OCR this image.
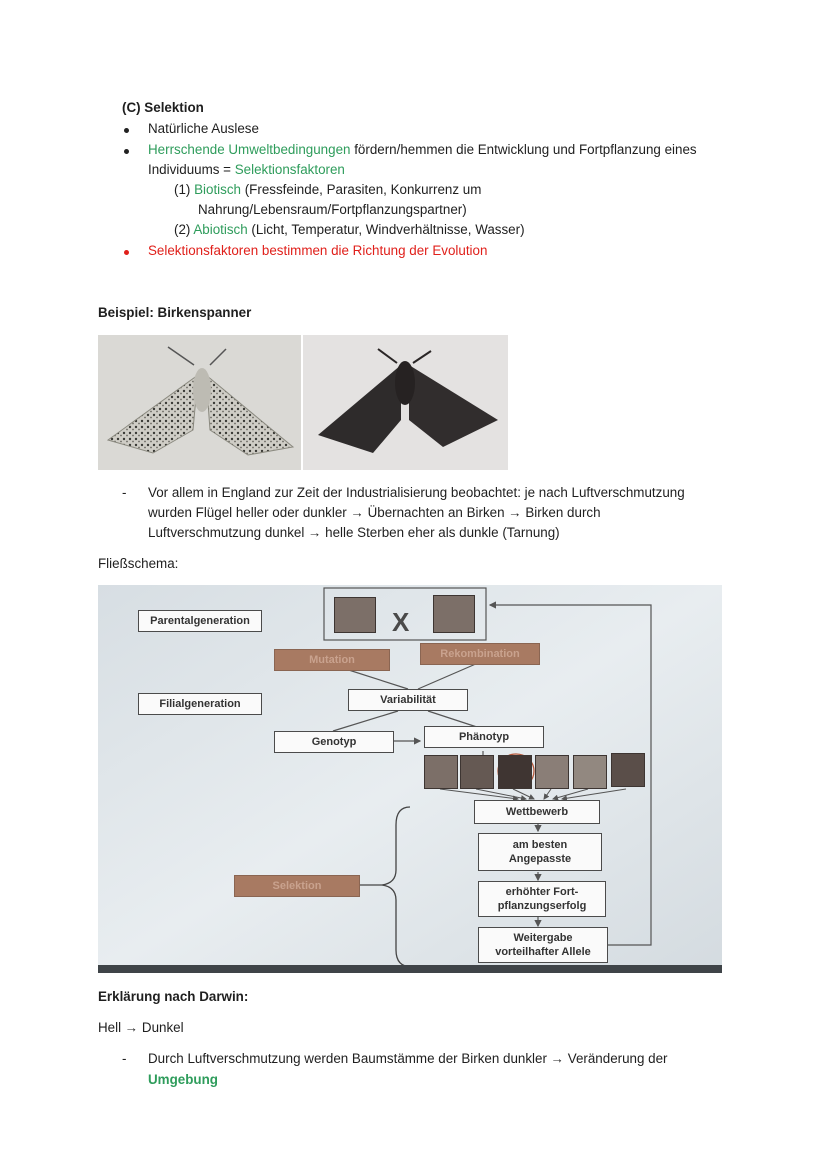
(C) Selektion
Natürliche Auslese
Herrschende Umweltbedingungen fördern/hemmen die Entwicklung und Fortpflanzung eines
Individuums = Selektionsfaktoren
(1) Biotisch (Fressfeinde, Parasiten, Konkurrenz um
Nahrung/Lebensraum/Fortpflanzungspartner)
(2) Abiotisch (Licht, Temperatur, Windverhältnisse, Wasser)
Selektionsfaktoren bestimmen die Richtung der Evolution
Beispiel: Birkenspanner
- Vor allem in England zur Zeit der Industrialisierung beobachtet: je nach Luftverschmutzung
wurden Flügel heller oder dunkler → Übernachten an Birken → Birken durch
Luftverschmutzung dunkel → helle Sterben eher als dunkle (Tarnung)
Fließschema:
X
Parentalgeneration
Mutation	Rekombination
Filialgeneration	Variabilität
Genotyp	Phänotyp
Wettbewerb
am besten Angepasste
erhöhter Fort-pflanzungserfolg
Weitergabe vorteilhafter Allele
Selektion
Erklärung nach Darwin:
Hell → Dunkel
- Durch Luftverschmutzung werden Baumstämme der Birken dunkler → Veränderung der
Umgebung
